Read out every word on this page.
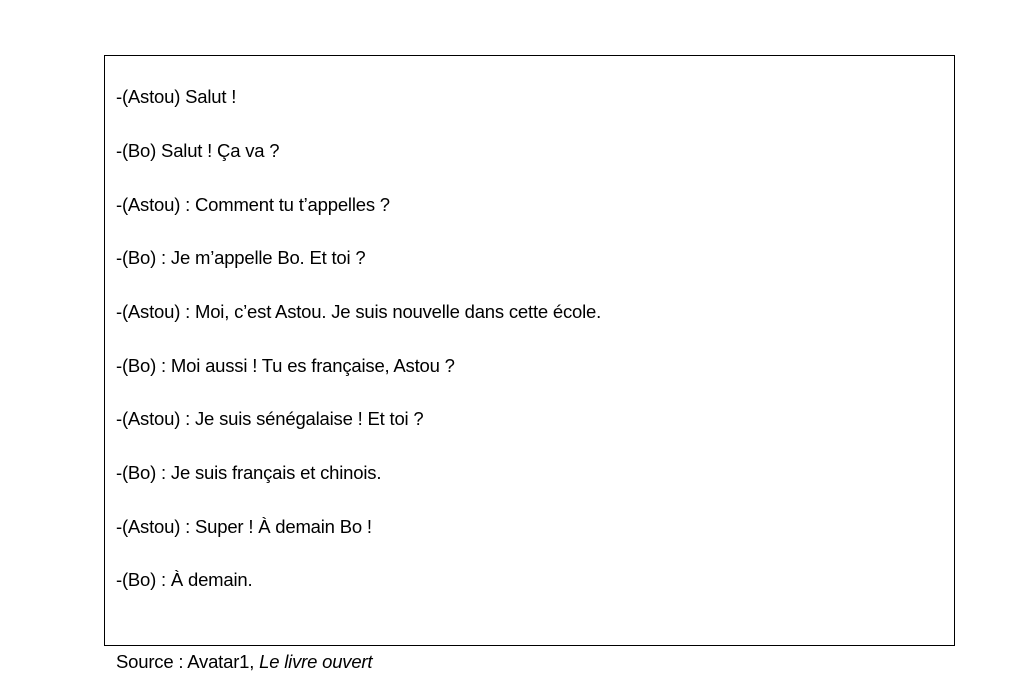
-(Astou) Salut !
-(Bo) Salut ! Ça va ?
-(Astou) : Comment tu t’appelles ?
-(Bo) : Je m’appelle Bo. Et toi ?
-(Astou) : Moi, c’est Astou. Je suis nouvelle dans cette école.
-(Bo) : Moi aussi ! Tu es française, Astou ?
-(Astou) : Je suis sénégalaise ! Et toi ?
-(Bo) : Je suis français et chinois.
-(Astou) : Super ! À demain Bo !
-(Bo) : À demain.
Source : Avatar1, Le livre ouvert
